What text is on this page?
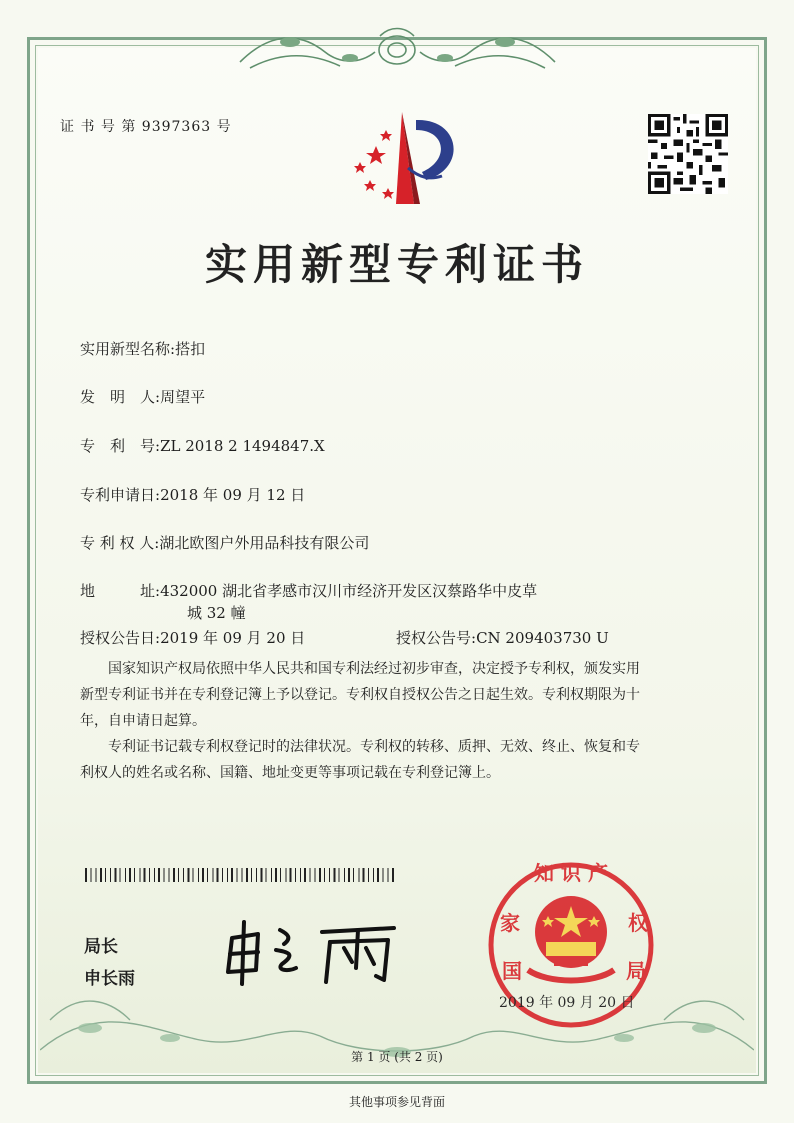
证 书 号 第 9397363 号
实用新型专利证书
实用新型名称:搭扣
发　明　人:周望平
专　利　号:ZL 2018 2 1494847.X
专利申请日:2018 年 09 月 12 日
专 利 权 人:湖北欧图户外用品科技有限公司
地　　　址:432000 湖北省孝感市汉川市经济开发区汉蔡路华中皮草
城 32 幢
授权公告日:2019 年 09 月 20 日	授权公告号:CN 209403730 U
国家知识产权局依照中华人民共和国专利法经过初步审查，决定授予专利权，颁发实用
新型专利证书并在专利登记簿上予以登记。专利权自授权公告之日起生效。专利权期限为十
年，自申请日起算。
专利证书记载专利权登记时的法律状况。专利权的转移、质押、无效、终止、恢复和专
利权人的姓名或名称、国籍、地址变更等事项记载在专利登记簿上。
局长
申长雨
知 识 产
家
国
权
局
2019 年 09 月 20 日
第 1 页 (共 2 页)
其他事项参见背面
